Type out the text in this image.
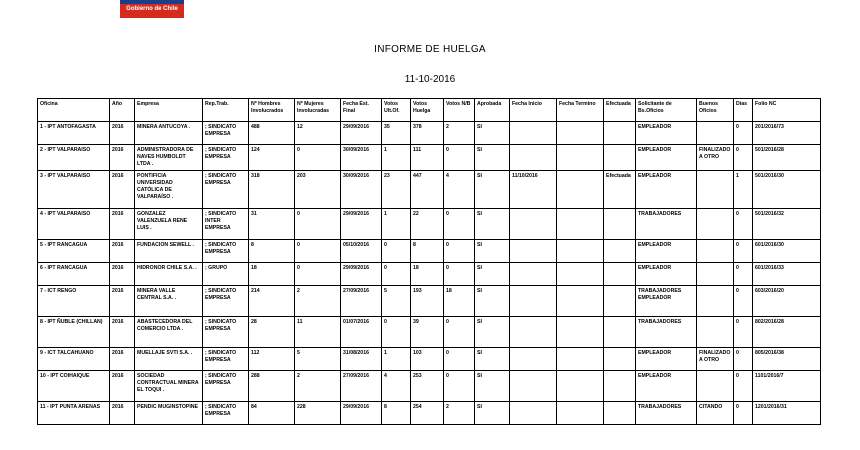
Gobierno de Chile
INFORME DE HUELGA
11-10-2016
Oficina	Año	Empresa	Rep.Trab.	Nº Hombres Involucrados	Nº Mujeres Involucradas	Fecha Est. Final	Votos Ult.Of.	Votos Huelga	Votos N/B	Aprobada	Fecha Inicio	Fecha Termino	Efectuada	Solicitante de Bs.Oficios	Buenos Oficios	Días	Folio NC
1 - IPT ANTOFAGASTA	2016	MINERA ANTUCOYA .	; SINDICATO EMPRESA	488	12	29/09/2016	35	378	2	SI				EMPLEADOR		0	201/2016/73
2 - IPT VALPARAISO	2016	ADMINISTRADORA DE NAVES HUMBOLDT LTDA .	; SINDICATO EMPRESA	124	0	30/09/2016	1	111	0	SI				EMPLEADOR	FINALIZADO A OTRO	0	501/2016/28
3 - IPT VALPARAISO	2016	PONTIFICIA UNIVERSIDAD CATÓLICA DE VALPARAÍSO .	; SINDICATO EMPRESA	318	203	30/09/2016	23	447	4	SI	11/10/2016		Efectuada	EMPLEADOR		1	501/2016/30
4 - IPT VALPARAISO	2016	GONZALEZ VALENZUELA RENE LUIS .	; SINDICATO INTER EMPRESA	31	0	29/09/2016	1	22	0	SI				TRABAJADORES		0	501/2016/32
5 - IPT RANCAGUA	2016	FUNDACION SEWELL .	; SINDICATO EMPRESA	8	0	05/10/2016	0	8	0	SI				EMPLEADOR		0	601/2016/30
6 - IPT RANCAGUA	2016	HIDRONOR CHILE S.A. .	; GRUPO	18	0	29/09/2016	0	18	0	SI				EMPLEADOR		0	601/2016/33
7 - ICT RENGO	2016	MINERA VALLE CENTRAL S.A. .	; SINDICATO EMPRESA	214	2	27/09/2016	5	193	18	SI				TRABAJADORES EMPLEADOR		0	603/2016/20
8 - IPT ÑUBLE (CHILLAN)	2016	ABASTECEDORA DEL COMERCIO LTDA .	; SINDICATO EMPRESA	28	11	01/07/2016	0	39	0	SI				TRABAJADORES		0	802/2016/28
9 - ICT TALCAHUANO	2016	MUELLAJE SVTI S.A. .	; SINDICATO EMPRESA	112	5	31/08/2016	1	103	0	SI				EMPLEADOR	FINALIZADO A OTRO	0	805/2016/38
10 - IPT COIHAIQUE	2016	SOCIEDAD CONTRACTUAL MINERA EL TOQUI .	; SINDICATO EMPRESA	288	2	27/09/2016	4	253	0	SI				EMPLEADOR		0	1101/2016/7
11 - IPT PUNTA ARENAS	2016	PENDIC MUGINSTOPINE	; SINDICATO EMPRESA	84	228	29/09/2016	8	254	2	SI				TRABAJADORES	CITANDO	0	1201/2016/31
